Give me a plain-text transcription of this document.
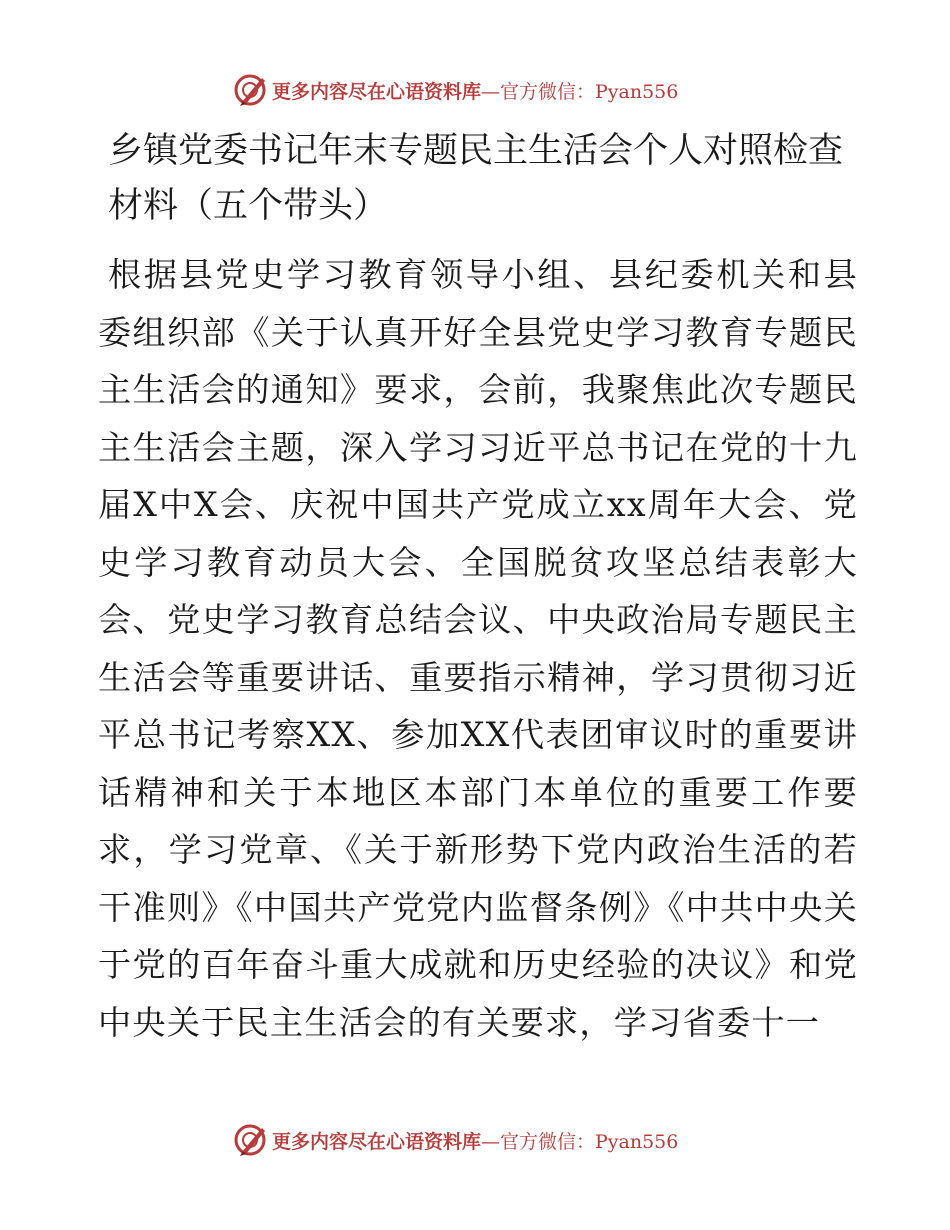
更多内容尽在心语资料库 —官方微信：Pyan556
乡镇党委书记年末专题民主生活会个人对照检查材料（五个带头）

根据县党史学习教育领导小组、县纪委机关和县委组织部《关于认真开好全县党史学习教育专题民主生活会的通知》要求，会前，我聚焦此次专题民主生活会主题，深入学习习近平总书记在党的十九届X中X会、庆祝中国共产党成立xx周年大会、党史学习教育动员大会、全国脱贫攻坚总结表彰大会、党史学习教育总结会议、中央政治局专题民主生活会等重要讲话、重要指示精神，学习贯彻习近平总书记考察XX、参加XX代表团审议时的重要讲话精神和关于本地区本部门本单位的重要工作要求，学习党章、《关于新形势下党内政治生活的若干准则》《中国共产党党内监督条例》《中共中央关于党的百年奋斗重大成就和历史经验的决议》和党中央关于民主生活会的有关要求，学习省委十一

更多内容尽在心语资料库 —官方微信：Pyan556
